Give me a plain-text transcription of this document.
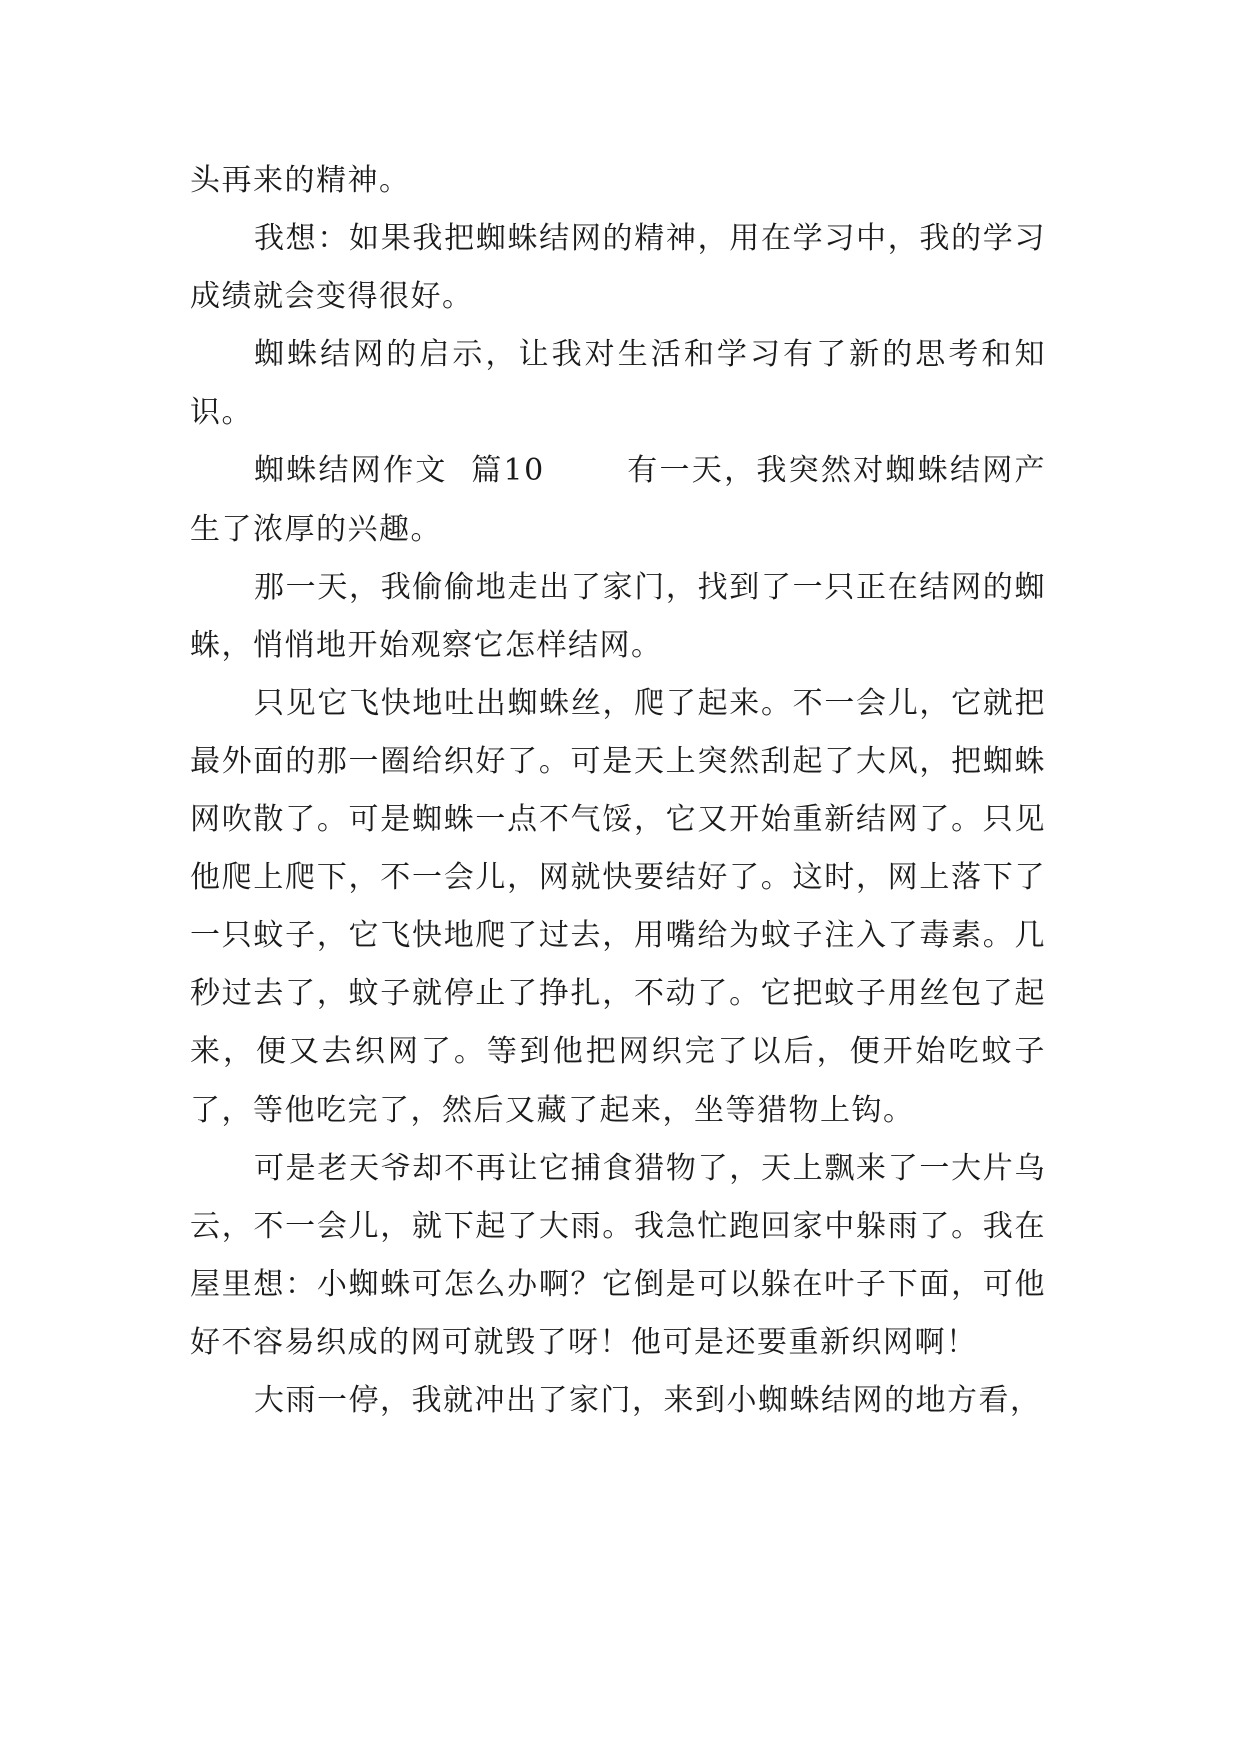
头再来的精神。

我想：如果我把蜘蛛结网的精神，用在学习中，我的学习成绩就会变得很好。

蜘蛛结网的启示，让我对生活和学习有了新的思考和知识。

蜘蛛结网作文  篇10　　 	有一天，我突然对蜘蛛结网产生了浓厚的兴趣。

那一天，我偷偷地走出了家门，找到了一只正在结网的蜘蛛，悄悄地开始观察它怎样结网。

只见它飞快地吐出蜘蛛丝，爬了起来。不一会儿，它就把最外面的那一圈给织好了。可是天上突然刮起了大风，把蜘蛛网吹散了。可是蜘蛛一点不气馁，它又开始重新结网了。只见他爬上爬下，不一会儿，网就快要结好了。这时，网上落下了一只蚊子，它飞快地爬了过去，用嘴给为蚊子注入了毒素。几秒过去了，蚊子就停止了挣扎，不动了。它把蚊子用丝包了起来，便又去织网了。等到他把网织完了以后，便开始吃蚊子了，等他吃完了，然后又藏了起来，坐等猎物上钩。

可是老天爷却不再让它捕食猎物了，天上飘来了一大片乌云，不一会儿，就下起了大雨。我急忙跑回家中躲雨了。我在屋里想：小蜘蛛可怎么办啊？它倒是可以躲在叶子下面，可他好不容易织成的网可就毁了呀！他可是还要重新织网啊！

大雨一停，我就冲出了家门，来到小蜘蛛结网的地方看，
